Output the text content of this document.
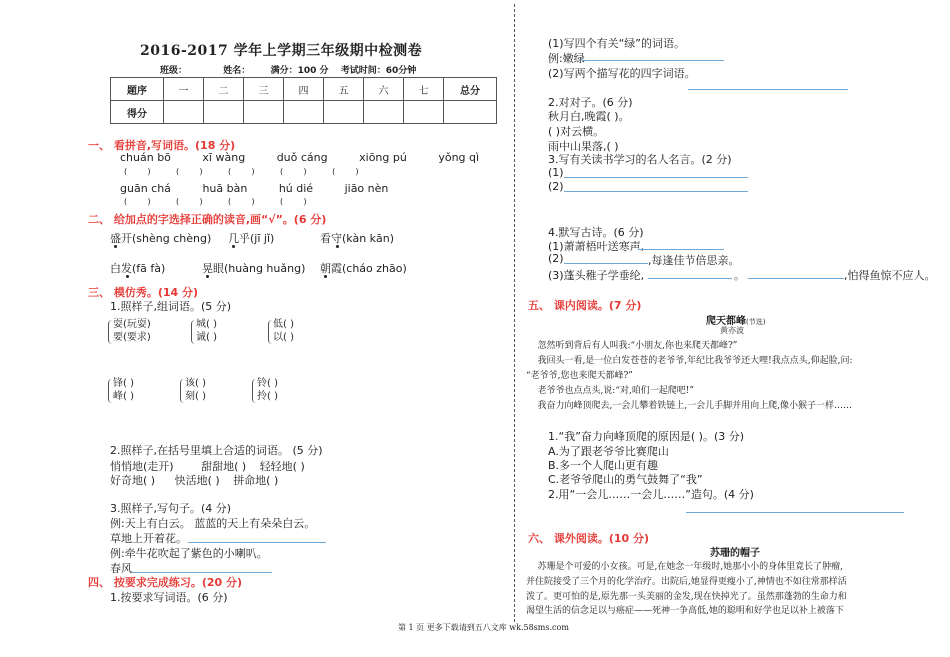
2016-2017 学年上学期三年级期中检测卷
班级：	姓名： 满分：100 分 考试时间：60分钟
题序	一	二	三	四	五	六	七	总分
得分								
一、 看拼音,写词语。(18 分)
chuán bō	xī wàng	duǒ cáng	xiōng pú	yǒng qì
(        )          (        )          (        )          (        )          (        )
guān chá	huā bàn	hú dié	jiāo nèn
(        )          (        )          (        )          (        )
二、 给加点的字选择正确的读音,画“√”。(6 分)
盛开(shèng chèng) 几乎(jī jǐ)	看守(kàn kān)
白发(fā fà)	晃眼(huàng huǎng) 朝霞(cháo zhāo)
三、 模仿秀。(14 分)
1.照样子,组词语。(5 分)
耍(玩耍)
要(要求)
城( )
诚( )
低( )
以( )
锋( )
峰( )
该( )
刻( )
铃( )
拎( )
2.照样子,在括号里填上合适的词语。 (5 分)
悄悄地(走开)	甜甜地( ) 轻轻地( )
好奇地( ) 快活地( ) 拼命地( )
3.照样子,写句子。(4 分)
例:天上有白云。 蓝蓝的天上有朵朵白云。
草地上开着花。
例:牵牛花吹起了紫色的小喇叭。
春风
四、 按要求完成练习。(20 分)
1.按要求写词语。(6 分)
(1)写四个有关“绿”的词语。
例:嫩绿
(2)写两个描写花的四字词语。
2.对对子。(6 分)
秋月白,晚霞( )。
( )对云横。
雨中山果落,( )
3.写有关读书学习的名人名言。(2 分)
(1)
(2)
4.默写古诗。(6 分)
(1)萧萧梧叶送寒声,
(2)	,每逢佳节倍思亲。
(3)蓬头稚子学垂纶,	。	,怕得鱼惊不应人。
五、 课内阅读。(7 分)
爬天都峰(节选)
黄亦波
忽然听到背后有人叫我:“小朋友,你也来爬天都峰?”
我回头一看,是一位白发苍苍的老爷爷,年纪比我爷爷还大哩!我点点头,仰起脸,问:
“老爷爷,您也来爬天都峰?”
老爷爷也点点头,说:“对,咱们一起爬吧!”
我奋力向峰顶爬去,一会儿攀着铁链上,一会儿手脚并用向上爬,像小猴子一样……
1.“我”奋力向峰顶爬的原因是( )。(3 分)
A.为了跟老爷爷比赛爬山
B.多一个人爬山更有趣
C.老爷爷爬山的勇气鼓舞了“我”
2.用“一会儿……一会儿……”造句。(4 分)
六、 课外阅读。(10 分)
苏珊的帽子
苏珊是个可爱的小女孩。可是,在她念一年级时,她那小小的身体里竟长了肿瘤,
并住院接受了三个月的化学治疗。出院后,她显得更瘦小了,神情也不如往常那样活
泼了。更可怕的是,原先那一头美丽的金发,现在快掉光了。虽然那蓬勃的生命力和
渴望生活的信念足以与癌症——死神一争高低,她的聪明和好学也足以补上被落下
第 1 页 更多下载请到五八文库 wk.58sms.com
